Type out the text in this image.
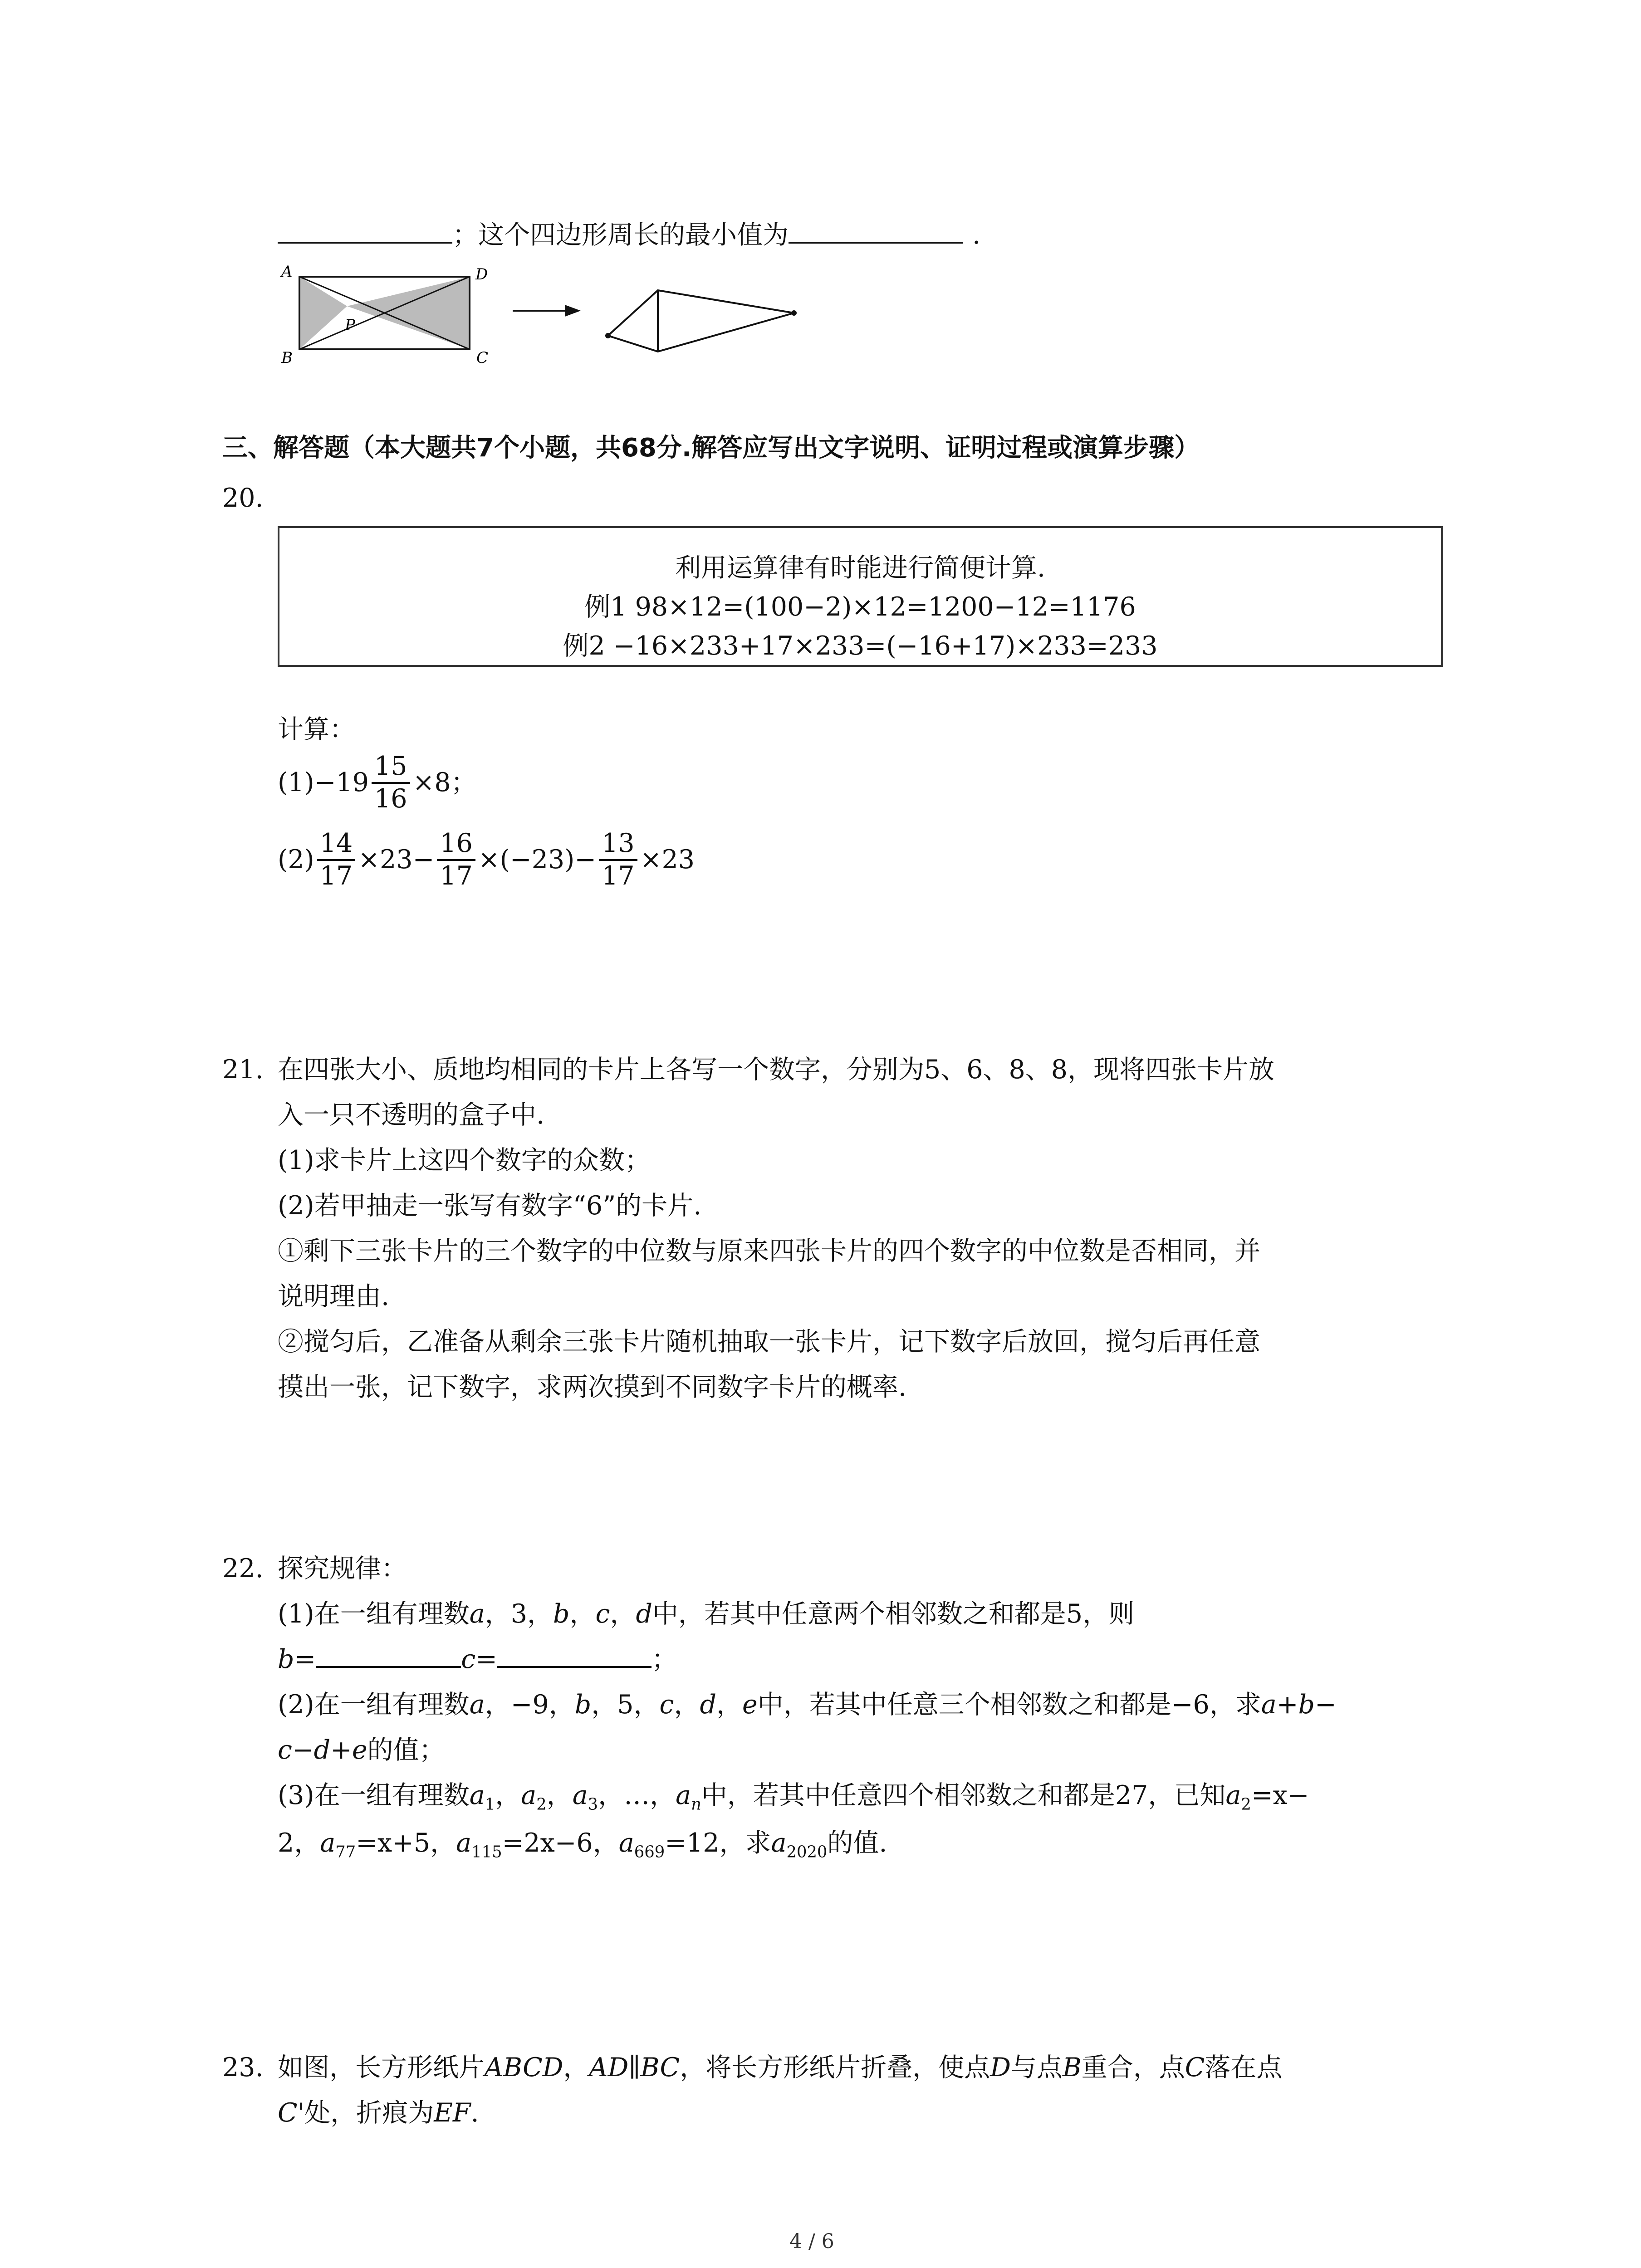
；这个四边形周长的最小值为	.
A
B	C
D
P
三、解答题（本大题共7个小题，共68分.解答应写出文字说明、证明过程或演算步骤）
20.
利用运算律有时能进行简便计算.
例1 98×12=(100−2)×12=1200−12=1176
例2 −16×233+17×233=(−16+17)×233=233
计算：
$(1)-19 \frac{15}{16} \times 8$；
$(2) \frac{14}{17} \times 23- \frac{16}{17} \times(-23)- \frac{13}{17} \times 23$
21. 在四张大小、质地均相同的卡片上各写一个数字，分别为5、6、8、8，现将四张卡片放
入一只不透明的盒子中.
(1)求卡片上这四个数字的众数；
(2)若甲抽走一张写有数字“6”的卡片.
①剩下三张卡片的三个数字的中位数与原来四张卡片的四个数字的中位数是否相同，并
说明理由.
②搅匀后，乙准备从剩余三张卡片随机抽取一张卡片，记下数字后放回，搅匀后再任意
摸出一张，记下数字，求两次摸到不同数字卡片的概率.
22. 探究规律：
(1)在一组有理数a，3，b，c，d中，若其中任意两个相邻数之和都是5，则
b=	c=	；
(2)在一组有理数a，−9，b，5，c，d，e中，若其中任意三个相邻数之和都是−6，求a+b−
c−d+e的值；
(3)在一组有理数$a_1$，$a_2$，$a_3$，…，$a_n$中，若其中任意四个相邻数之和都是27，已知$a_2=x-$
2，$a_{77}=x+5$，$a_{115}=2x-6$，$a_{669}=12$，求$a_{2020}$的值.
23. 如图，长方形纸片ABCD，AD∥BC，将长方形纸片折叠，使点D与点B重合，点C落在点
C'处，折痕为EF.
4 / 6
